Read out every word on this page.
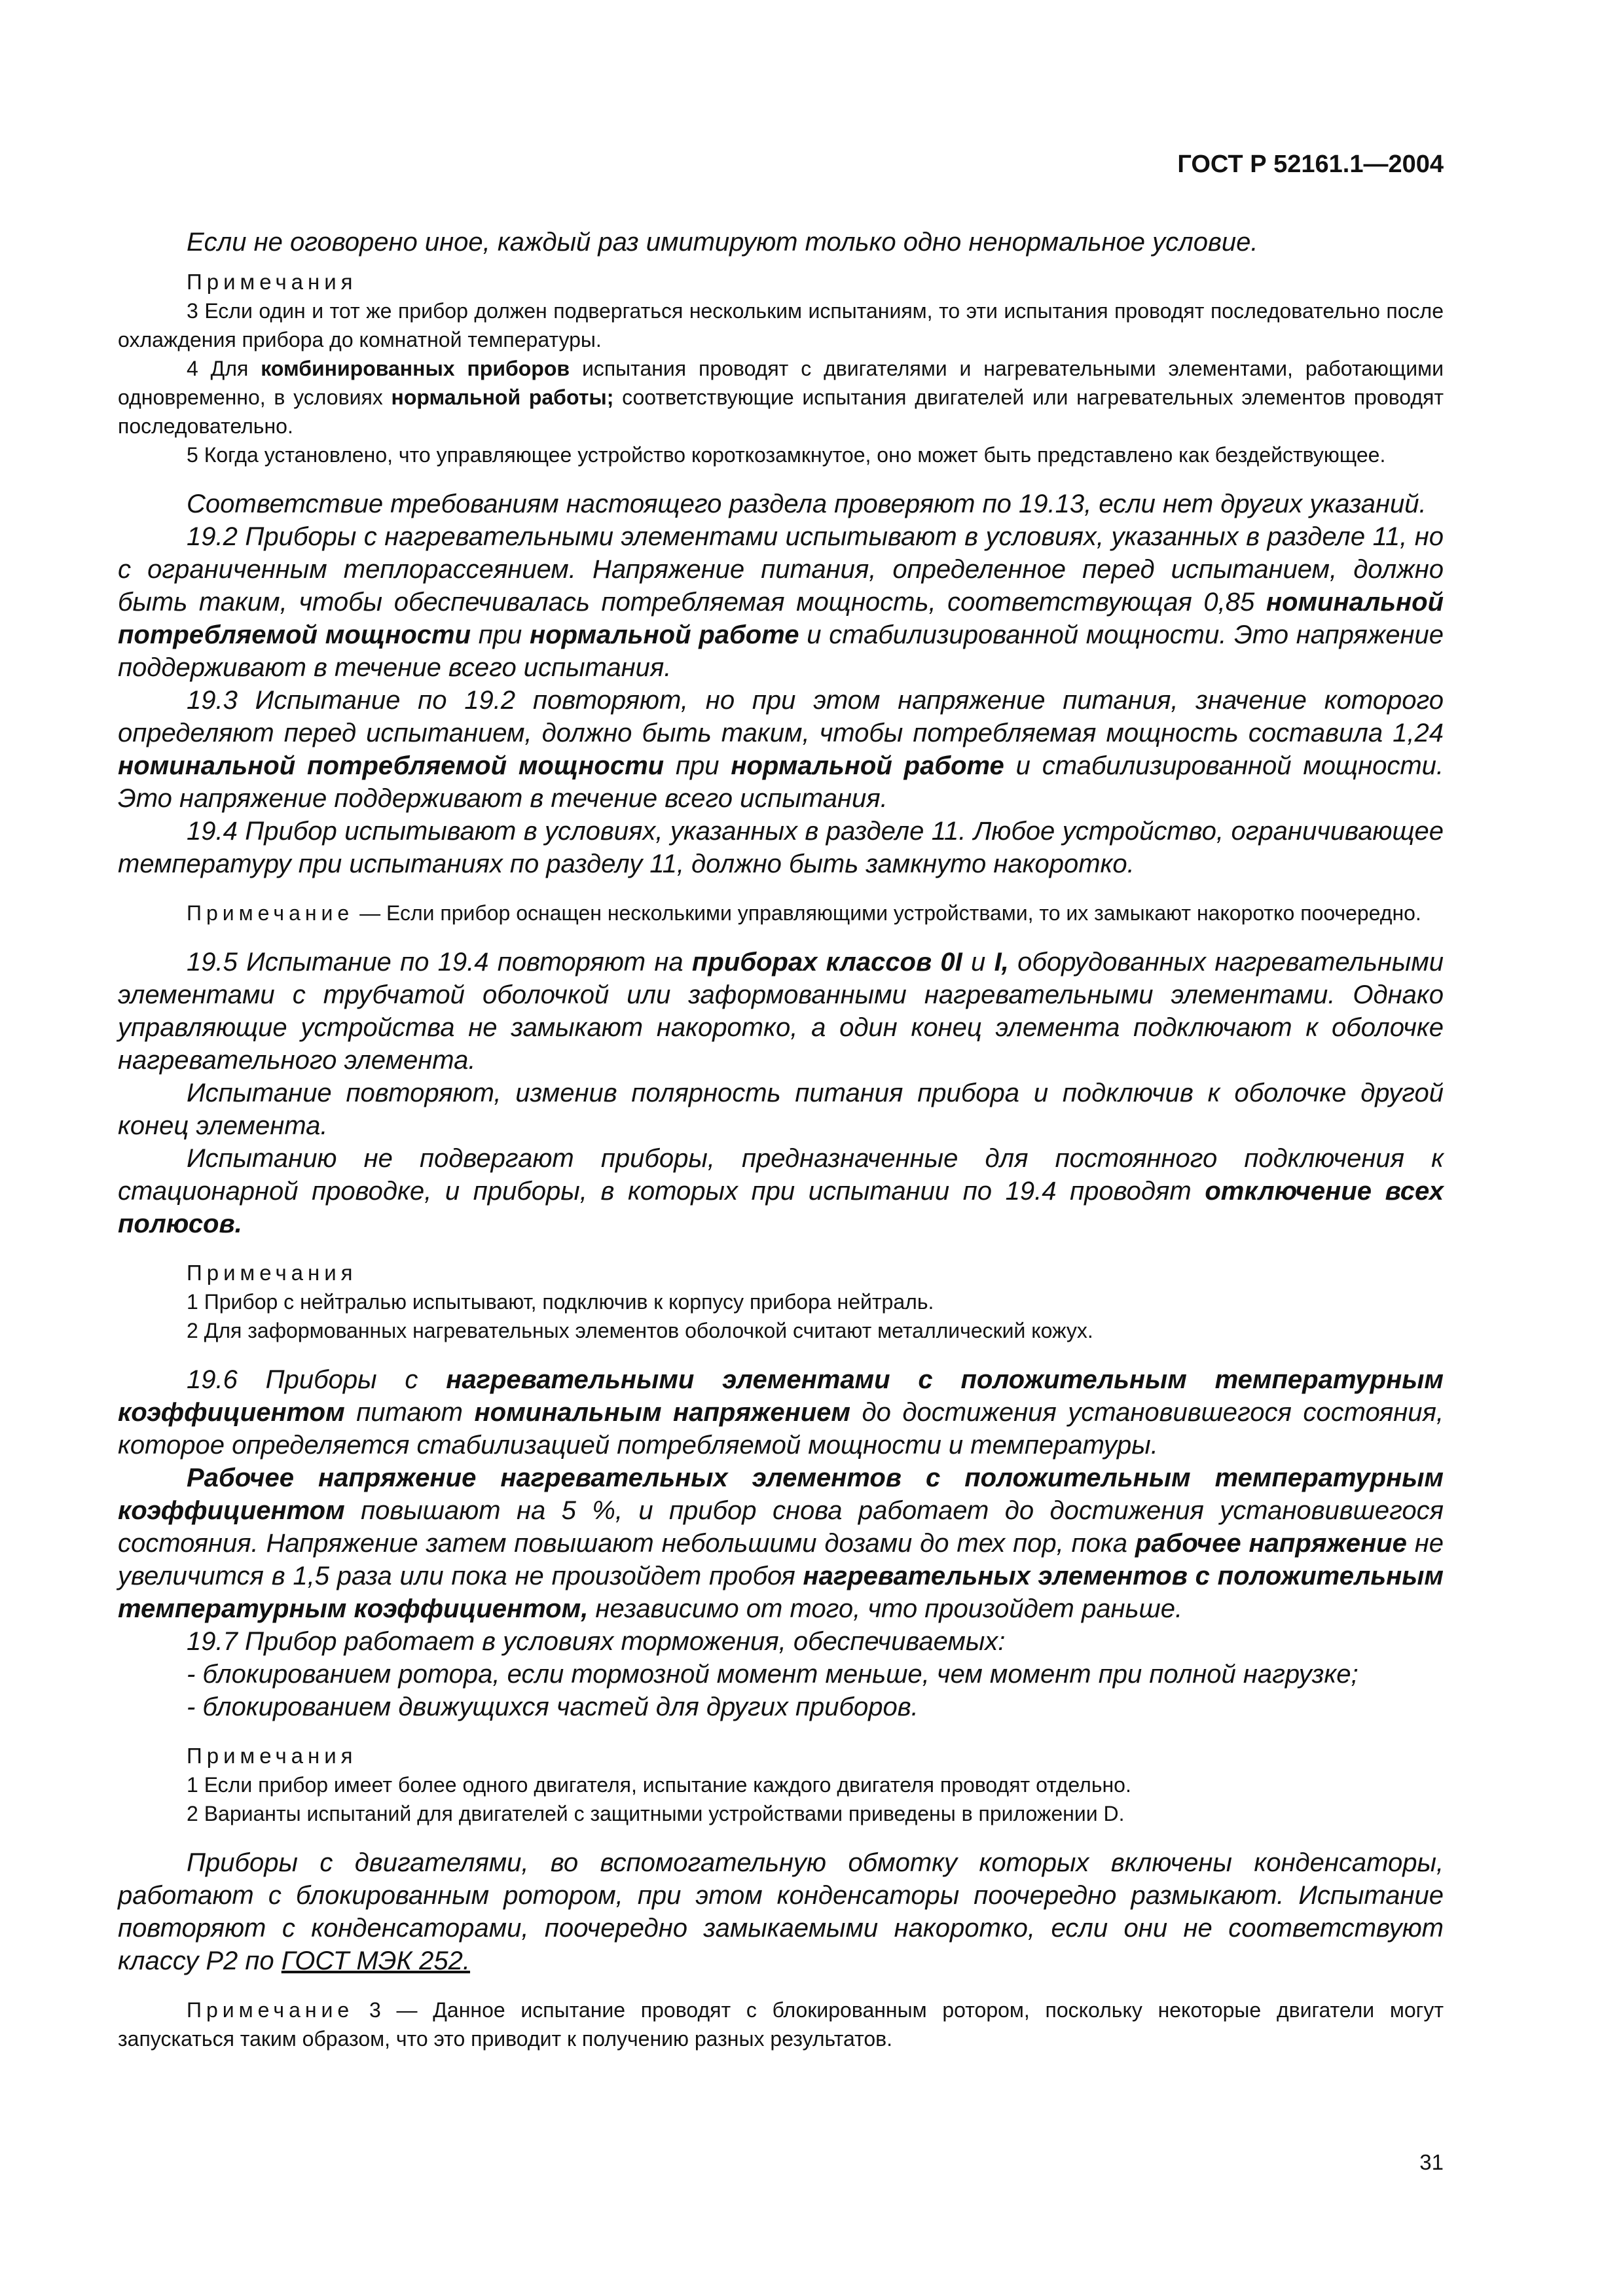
ГОСТ Р 52161.1—2004

Если не оговорено иное, каждый раз имитируют только одно ненормальное условие.

Примечания

3 Если один и тот же прибор должен подвергаться нескольким испытаниям, то эти испытания проводят последовательно после охлаждения прибора до комнатной температуры.

4 Для комбинированных приборов испытания проводят с двигателями и нагревательными элементами, работающими одновременно, в условиях нормальной работы; соответствующие испытания двигателей или нагревательных элементов проводят последовательно.

5 Когда установлено, что управляющее устройство короткозамкнутое, оно может быть представлено как бездействующее.

Соответствие требованиям настоящего раздела проверяют по 19.13, если нет других указаний.

19.2 Приборы с нагревательными элементами испытывают в условиях, указанных в разделе 11, но с ограниченным теплорассеянием. Напряжение питания, определенное перед испытанием, должно быть таким, чтобы обеспечивалась потребляемая мощность, соответствующая 0,85 номинальной потребляемой мощности при нормальной работе и стабилизированной мощности. Это напряжение поддерживают в течение всего испытания.

19.3 Испытание по 19.2 повторяют, но при этом напряжение питания, значение которого определяют перед испытанием, должно быть таким, чтобы потребляемая мощность составила 1,24 номинальной потребляемой мощности при нормальной работе и стабилизированной мощности. Это напряжение поддерживают в течение всего испытания.

19.4 Прибор испытывают в условиях, указанных в разделе 11. Любое устройство, ограничивающее температуру при испытаниях по разделу 11, должно быть замкнуто накоротко.

Примечание — Если прибор оснащен несколькими управляющими устройствами, то их замыкают накоротко поочередно.

19.5 Испытание по 19.4 повторяют на приборах классов 0I и I, оборудованных нагревательными элементами с трубчатой оболочкой или заформованными нагревательными элементами. Однако управляющие устройства не замыкают накоротко, а один конец элемента подключают к оболочке нагревательного элемента.

Испытание повторяют, изменив полярность питания прибора и подключив к оболочке другой конец элемента.

Испытанию не подвергают приборы, предназначенные для постоянного подключения к стационарной проводке, и приборы, в которых при испытании по 19.4 проводят отключение всех полюсов.

Примечания

1 Прибор с нейтралью испытывают, подключив к корпусу прибора нейтраль.

2 Для заформованных нагревательных элементов оболочкой считают металлический кожух.

19.6 Приборы с нагревательными элементами с положительным температурным коэффициентом питают номинальным напряжением до достижения установившегося состояния, которое определяется стабилизацией потребляемой мощности и температуры.

Рабочее напряжение нагревательных элементов с положительным температурным коэффициентом повышают на 5 %, и прибор снова работает до достижения установившегося состояния. Напряжение затем повышают небольшими дозами до тех пор, пока рабочее напряжение не увеличится в 1,5 раза или пока не произойдет пробоя нагревательных элементов с положительным температурным коэффициентом, независимо от того, что произойдет раньше.

19.7 Прибор работает в условиях торможения, обеспечиваемых:

- блокированием ротора, если тормозной момент меньше, чем момент при полной нагрузке;

- блокированием движущихся частей для других приборов.

Примечания

1 Если прибор имеет более одного двигателя, испытание каждого двигателя проводят отдельно.

2 Варианты испытаний для двигателей с защитными устройствами приведены в приложении D.

Приборы с двигателями, во вспомогательную обмотку которых включены конденсаторы, работают с блокированным ротором, при этом конденсаторы поочередно размыкают. Испытание повторяют с конденсаторами, поочередно замыкаемыми накоротко, если они не соответствуют классу Р2 по ГОСТ МЭК 252.

Примечание 3 — Данное испытание проводят с блокированным ротором, поскольку некоторые двигатели могут запускаться таким образом, что это приводит к получению разных результатов.

31
